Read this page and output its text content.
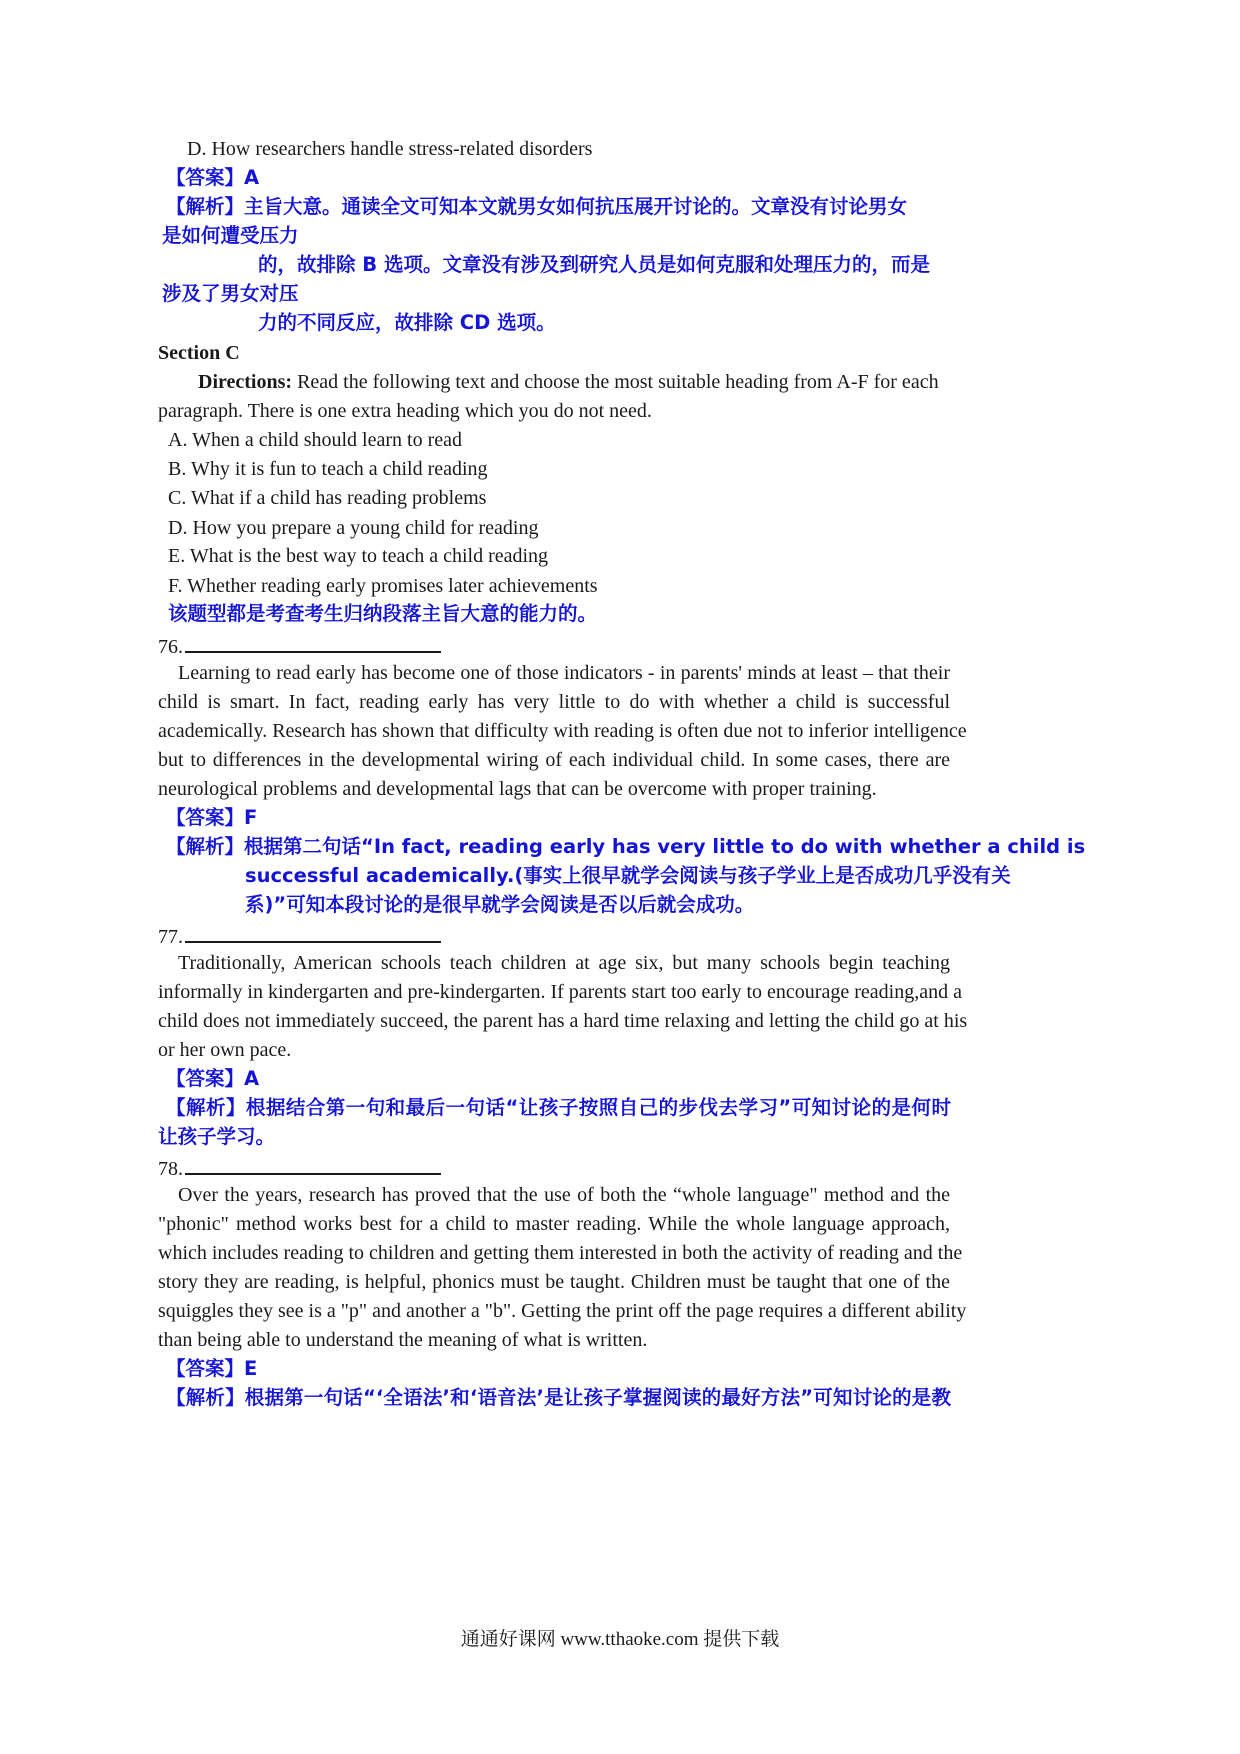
D. How researchers handle stress-related disorders
【答案】A
【解析】主旨大意。通读全文可知本文就男女如何抗压展开讨论的。文章没有讨论男女
是如何遭受压力
的，故排除 B 选项。文章没有涉及到研究人员是如何克服和处理压力的，而是
涉及了男女对压
力的不同反应，故排除 CD 选项。
Section C
Directions: Read the following text and choose the most suitable heading from A-F for each
paragraph. There is one extra heading which you do not need.
A. When a child should learn to read
B. Why it is fun to teach a child reading
C. What if a child has reading problems
D. How you prepare a young child for reading
E. What is the best way to teach a child reading
F. Whether reading early promises later achievements
该题型都是考查考生归纳段落主旨大意的能力的。
76.
Learning to read early has become one of those indicators - in parents' minds at least – that their
child is smart. In fact, reading early has very little to do with whether a child is successful
academically. Research has shown that difficulty with reading is often due not to inferior intelligence
but to differences in the developmental wiring of each individual child. In some cases, there are
neurological problems and developmental lags that can be overcome with proper training.
【答案】F
【解析】根据第二句话“In fact, reading early has very little to do with whether a child is
successful academically.(事实上很早就学会阅读与孩子学业上是否成功几乎没有关
系)”可知本段讨论的是很早就学会阅读是否以后就会成功。
77.
Traditionally, American schools teach children at age six, but many schools begin teaching
informally in kindergarten and pre-kindergarten. If parents start too early to encourage reading,and a
child does not immediately succeed, the parent has a hard time relaxing and letting the child go at his
or her own pace.
【答案】A
【解析】根据结合第一句和最后一句话“让孩子按照自己的步伐去学习”可知讨论的是何时
让孩子学习。
78.
Over the years, research has proved that the use of both the “whole language" method and the
"phonic" method works best for a child to master reading. While the whole language approach,
which includes reading to children and getting them interested in both the activity of reading and the
story they are reading, is helpful, phonics must be taught. Children must be taught that one of the
squiggles they see is a "p" and another a "b". Getting the print off the page requires a different ability
than being able to understand the meaning of what is written.
【答案】E
【解析】根据第一句话“‘全语法’和‘语音法’是让孩子掌握阅读的最好方法”可知讨论的是教
通通好课网 www.tthaoke.com 提供下载
